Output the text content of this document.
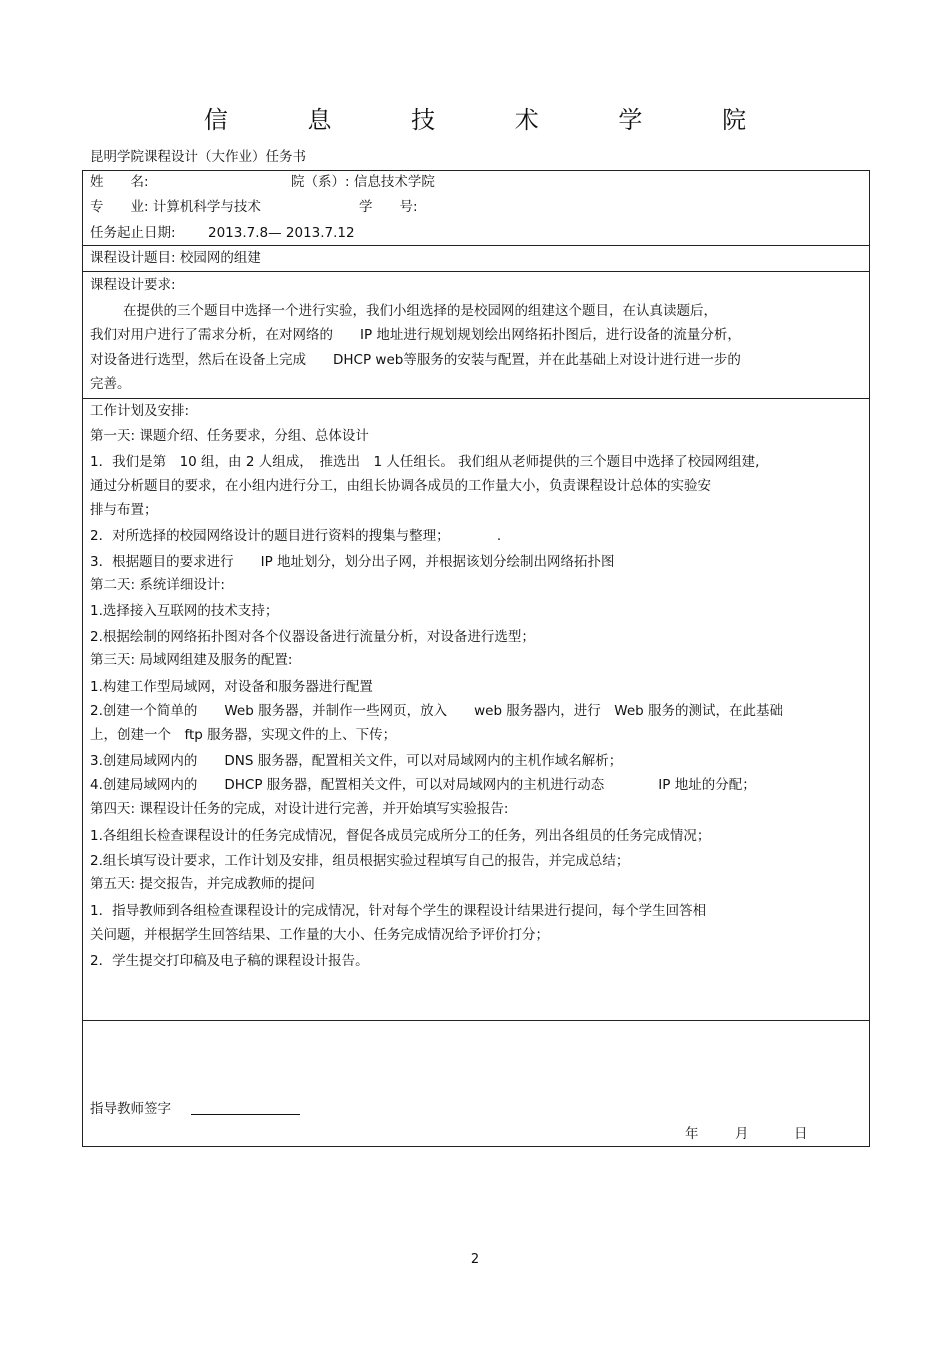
信 息 技 术 学 院
昆明学院课程设计（大作业）任务书
姓　　名:	院（系）: 信息技术学院
专　　业: 计算机科学与技术	学　　号:
任务起止日期: 2013.7.8— 2013.7.12
课程设计题目: 校园网的组建
课程设计要求:
在提供的三个题目中选择一个进行实验，我们小组选择的是校园网的组建这个题目，在认真读题后，
我们对用户进行了需求分析，在对网络的　　IP 地址进行规划规划绘出网络拓扑图后，进行设备的流量分析，
对设备进行选型，然后在设备上完成　　DHCP web等服务的安装与配置，并在此基础上对设计进行进一步的
完善。
工作计划及安排:
第一天: 课题介绍、任务要求，分组、总体设计
1．我们是第　10 组，由 2 人组成，　推选出　1 人任组长。 我们组从老师提供的三个题目中选择了校园网组建,
通过分析题目的要求，在小组内进行分工，由组长协调各成员的工作量大小，负责课程设计总体的实验安
排与布置；
2．对所选择的校园网络设计的题目进行资料的搜集与整理；　　　　.
3．根据题目的要求进行　　IP 地址划分，划分出子网，并根据该划分绘制出网络拓扑图
第二天: 系统详细设计:
1.选择接入互联网的技术支持；
2.根据绘制的网络拓扑图对各个仪器设备进行流量分析，对设备进行选型；
第三天: 局域网组建及服务的配置:
1.构建工作型局域网，对设备和服务器进行配置
2.创建一个简单的　　Web 服务器，并制作一些网页，放入　　web 服务器内，进行　Web 服务的测试，在此基础
上，创建一个　ftp 服务器，实现文件的上、下传；
3.创建局域网内的　　DNS 服务器，配置相关文件，可以对局域网内的主机作域名解析；
4.创建局域网内的　　DHCP 服务器，配置相关文件，可以对局域网内的主机进行动态　　　　IP 地址的分配；
第四天: 课程设计任务的完成，对设计进行完善，并开始填写实验报告:
1.各组组长检查课程设计的任务完成情况，督促各成员完成所分工的任务，列出各组员的任务完成情况；
2.组长填写设计要求，工作计划及安排，组员根据实验过程填写自己的报告，并完成总结；
第五天: 提交报告，并完成教师的提问
1．指导教师到各组检查课程设计的完成情况，针对每个学生的课程设计结果进行提问，每个学生回答相
关问题，并根据学生回答结果、工作量的大小、任务完成情况给予评价打分；
2．学生提交打印稿及电子稿的课程设计报告。
指导教师签字
年	月	日
2
